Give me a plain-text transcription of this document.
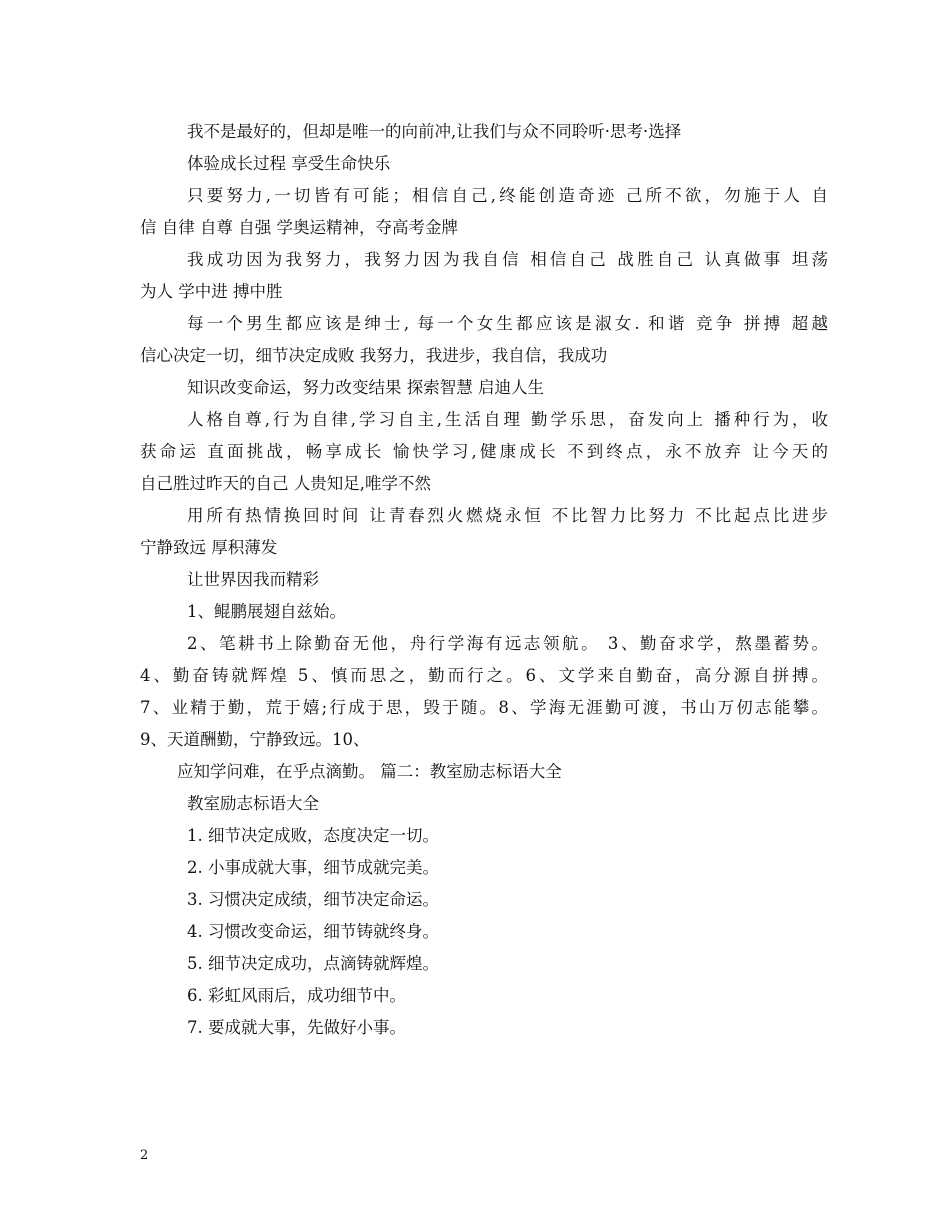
我不是最好的，但却是唯一的向前冲,让我们与众不同聆听·思考·选择
体验成长过程 享受生命快乐
只要努力,一切皆有可能；相信自己,终能创造奇迹 己所不欲，勿施于人 自
信 自律 自尊 自强 学奥运精神，夺高考金牌
我成功因为我努力，我努力因为我自信 相信自己 战胜自己 认真做事 坦荡
为人 学中进 搏中胜
每一个男生都应该是绅士, 每一个女生都应该是淑女. 和谐 竞争 拼搏 超越
信心决定一切，细节决定成败 我努力，我进步，我自信，我成功
知识改变命运，努力改变结果 探索智慧 启迪人生
人格自尊,行为自律,学习自主,生活自理 勤学乐思，奋发向上 播种行为，收
获命运 直面挑战，畅享成长 愉快学习,健康成长 不到终点，永不放弃 让今天的
自己胜过昨天的自己 人贵知足,唯学不然
用所有热情换回时间 让青春烈火燃烧永恒 不比智力比努力 不比起点比进步
宁静致远 厚积薄发
让世界因我而精彩
1、鲲鹏展翅自兹始。
2、笔耕书上除勤奋无他，舟行学海有远志领航。 3、勤奋求学，熬墨蓄势。
4、勤奋铸就辉煌 5、慎而思之，勤而行之。6、文学来自勤奋，高分源自拼搏。
7、业精于勤，荒于嬉;行成于思，毁于随。8、学海无涯勤可渡，书山万仞志能攀。
9、天道酬勤，宁静致远。10、
应知学问难，在乎点滴勤。 篇二：教室励志标语大全
教室励志标语大全
1. 细节决定成败，态度决定一切。
2. 小事成就大事，细节成就完美。
3. 习惯决定成绩，细节决定命运。
4. 习惯改变命运，细节铸就终身。
5. 细节决定成功，点滴铸就辉煌。
6. 彩虹风雨后，成功细节中。
7. 要成就大事，先做好小事。
2
